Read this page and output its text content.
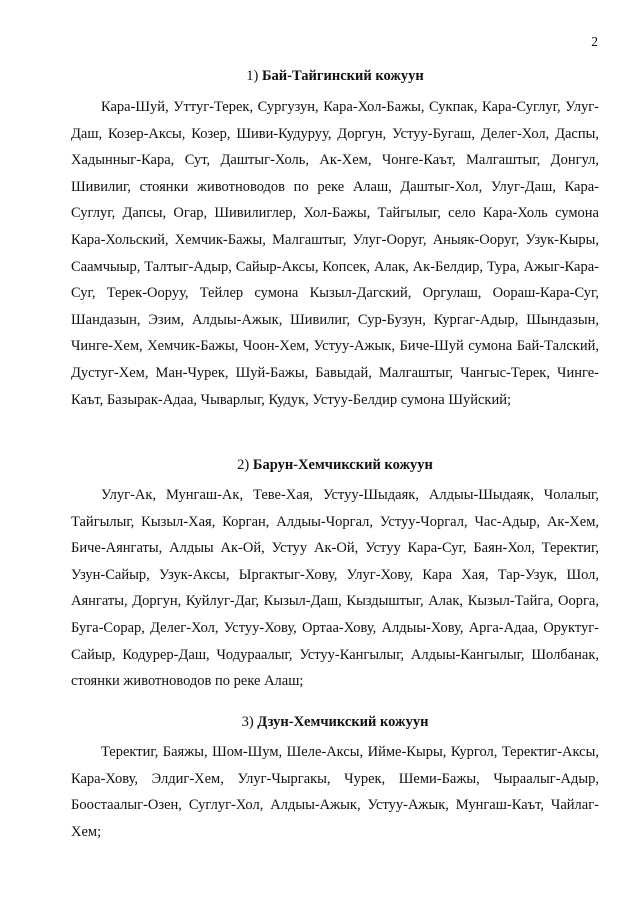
2
1) Бай-Тайгинский кожуун

Кара-Шуй, Уттуг-Терек, Сургузун, Кара-Хол-Бажы, Сукпак, Кара-Суглуг, Улуг-Даш, Козер-Аксы, Козер, Шиви-Кудуруу, Доргун, Устуу-Бугаш, Делег-Хол, Даспы, Хадынныг-Кара, Сут, Даштыг-Холь, Ак-Хем, Чонге-Каът, Малгаштыг, Донгул, Шивилиг, стоянки животноводов по реке Алаш, Даштыг-Хол, Улуг-Даш, Кара-Суглуг, Дапсы, Огар, Шивилиглер, Хол-Бажы, Тайгылыг, село Кара-Холь сумона Кара-Хольский, Хемчик-Бажы, Малгаштыг, Улуг-Ооруг, Аныяк-Ооруг, Узук-Кыры, Саамчыыр, Талтыг-Адыр, Сайыр-Аксы, Копсек, Алак, Ак-Белдир, Тура, Ажыг-Кара-Суг, Терек-Ооруу, Тейлер сумона Кызыл-Дагский, Оргулаш, Оораш-Кара-Суг, Шандазын, Эзим, Алдыы-Ажык, Шивилиг, Сур-Бузун, Кургаг-Адыр, Шындазын, Чинге-Хем, Хемчик-Бажы, Чоон-Хем, Устуу-Ажык, Биче-Шуй сумона Бай-Талский, Дустуг-Хем, Ман-Чурек, Шуй-Бажы, Бавыдай, Малгаштыг, Чангыс-Терек, Чинге-Каът, Базырак-Адаа, Чыварлыг, Кудук, Устуу-Белдир сумона Шуйский;

2) Барун-Хемчикский кожуун

Улуг-Ак, Мунгаш-Ак, Теве-Хая, Устуу-Шыдаяк, Алдыы-Шыдаяк, Чолалыг, Тайгылыг, Кызыл-Хая, Корган, Алдыы-Чоргал, Устуу-Чоргал, Час-Адыр, Ак-Хем, Биче-Аянгаты, Алдыы Ак-Ой, Устуу Ак-Ой, Устуу Кара-Суг, Баян-Хол, Теректиг, Узун-Сайыр, Узук-Аксы, Ыргактыг-Хову, Улуг-Хову, Кара Хая, Тар-Узук, Шол, Аянгаты, Доргун, Куйлуг-Даг, Кызыл-Даш, Кыздыштыг, Алак, Кызыл-Тайга, Оорга, Буга-Сорар, Делег-Хол, Устуу-Хову, Ортаа-Хову, Алдыы-Хову, Арга-Адаа, Оруктуг-Сайыр, Кодурер-Даш, Чодураалыг, Устуу-Кангылыг, Алдыы-Кангылыг, Шолбанак, стоянки животноводов по реке Алаш;

3) Дзун-Хемчикский кожуун

Теректиг, Баяжы, Шом-Шум, Шеле-Аксы, Ийме-Кыры, Кургол, Теректиг-Аксы, Кара-Хову, Элдиг-Хем, Улуг-Чыргакы, Чурек, Шеми-Бажы, Чыраалыг-Адыр, Боостаалыг-Озен, Суглуг-Хол, Алдыы-Ажык, Устуу-Ажык, Мунгаш-Каът, Чайлаг-Хем;
